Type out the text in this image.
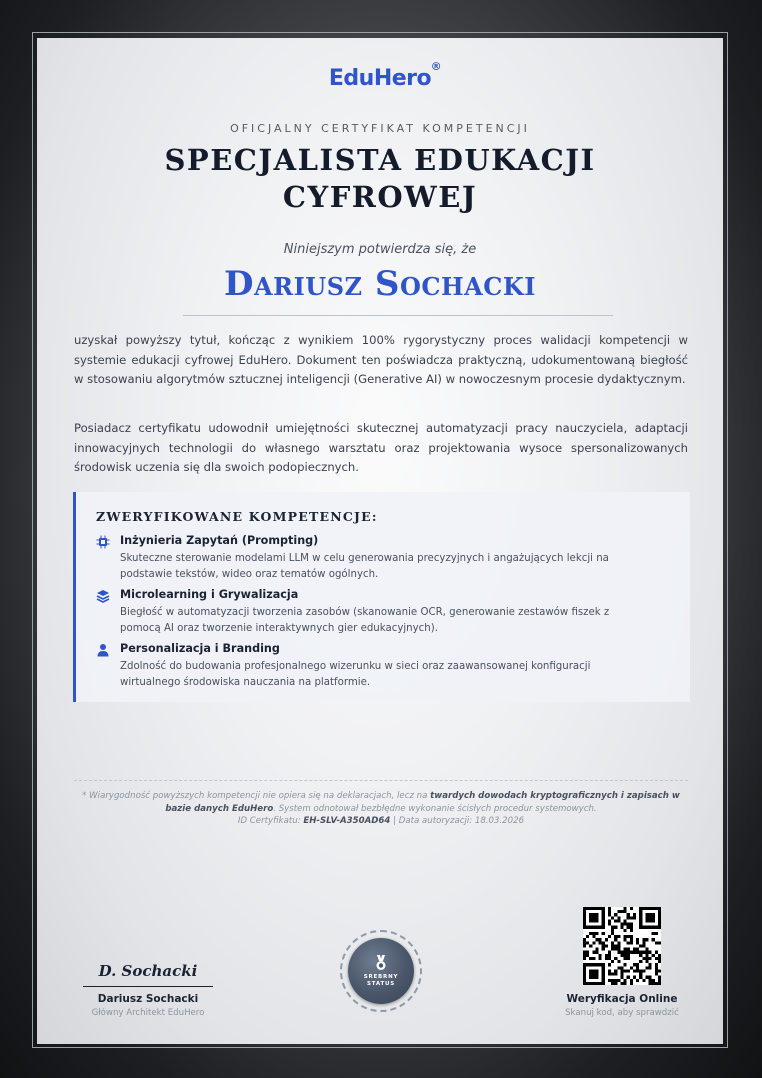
EduHero ®
OFICJALNY CERTYFIKAT KOMPETENCJI
SPECJALISTA EDUKACJI CYFROWEJ
Niniejszym potwierdza się, że
Dariusz Sochacki
uzyskał powyższy tytuł, kończąc z wynikiem 100% rygorystyczny proces walidacji kompetencji w systemie edukacji cyfrowej EduHero. Dokument ten poświadcza praktyczną, udokumentowaną biegłość w stosowaniu algorytmów sztucznej inteligencji (Generative AI) w nowoczesnym procesie dydaktycznym.
Posiadacz certyfikatu udowodnił umiejętności skutecznej automatyzacji pracy nauczyciela, adaptacji innowacyjnych technologii do własnego warsztatu oraz projektowania wysoce spersonalizowanych środowisk uczenia się dla swoich podopiecznych.
ZWERYFIKOWANE KOMPETENCJE:
Inżynieria Zapytań (Prompting)
Skuteczne sterowanie modelami LLM w celu generowania precyzyjnych i angażujących lekcji na podstawie tekstów, wideo oraz tematów ogólnych.
Microlearning i Grywalizacja
Biegłość w automatyzacji tworzenia zasobów (skanowanie OCR, generowanie zestawów fiszek z pomocą AI oraz tworzenie interaktywnych gier edukacyjnych).
Personalizacja i Branding
Zdolność do budowania profesjonalnego wizerunku w sieci oraz zaawansowanej konfiguracji wirtualnego środowiska nauczania na platformie.
* Wiarygodność powyższych kompetencji nie opiera się na deklaracjach, lecz na twardych dowodach kryptograficznych i zapisach w bazie danych EduHero. System odnotował bezbłędne wykonanie ścisłych procedur systemowych.
ID Certyfikatu: EH-SLV-A350AD64 | Data autoryzacji: 18.03.2026
D. Sochacki
Dariusz Sochacki
Główny Architekt EduHero
SREBRNY STATUS
Weryfikacja Online
Skanuj kod, aby sprawdzić
